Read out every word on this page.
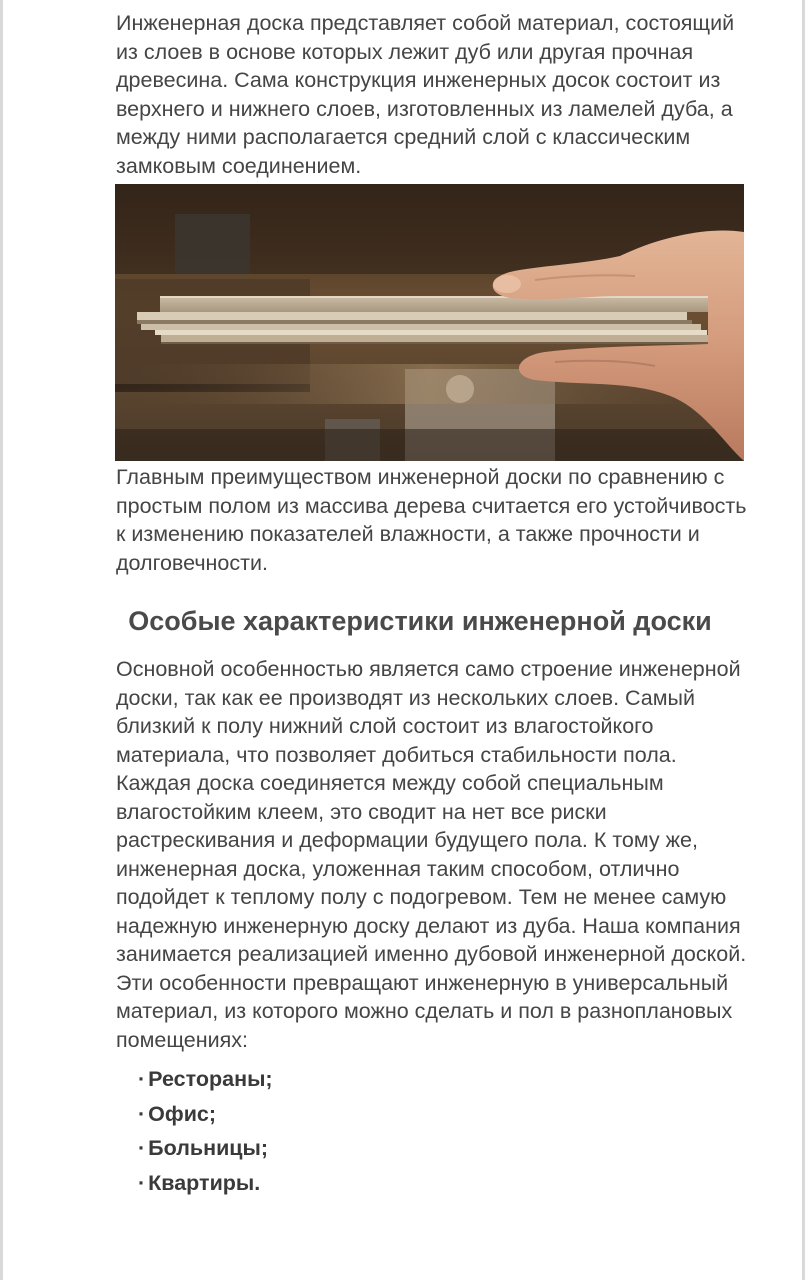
Инженерная доска представляет собой материал, состоящий из слоев в основе которых лежит дуб или другая прочная древесина. Сама конструкция инженерных досок состоит из верхнего и нижнего слоев, изготовленных из ламелей дуба, а между ними располагается средний слой с классическим замковым соединением.

Главным преимуществом инженерной доски по сравнению с простым полом из массива дерева считается его устойчивость к изменению показателей влажности, а также прочности и долговечности.

Особые характеристики инженерной доски

Основной особенностью является само строение инженерной доски, так как ее производят из нескольких слоев. Самый близкий к полу нижний слой состоит из влагостойкого материала, что позволяет добиться стабильности пола. Каждая доска соединяется между собой специальным влагостойким клеем, это сводит на нет все риски растрескивания и деформации будущего пола. К тому же, инженерная доска, уложенная таким способом, отлично подойдет к теплому полу с подогревом. Тем не менее самую надежную инженерную доску делают из дуба. Наша компания занимается реализацией именно дубовой инженерной доской. Эти особенности превращают инженерную в универсальный материал, из которого можно сделать и пол в разноплановых помещениях:

· Рестораны;
· Офис;
· Больницы;
· Квартиры.
